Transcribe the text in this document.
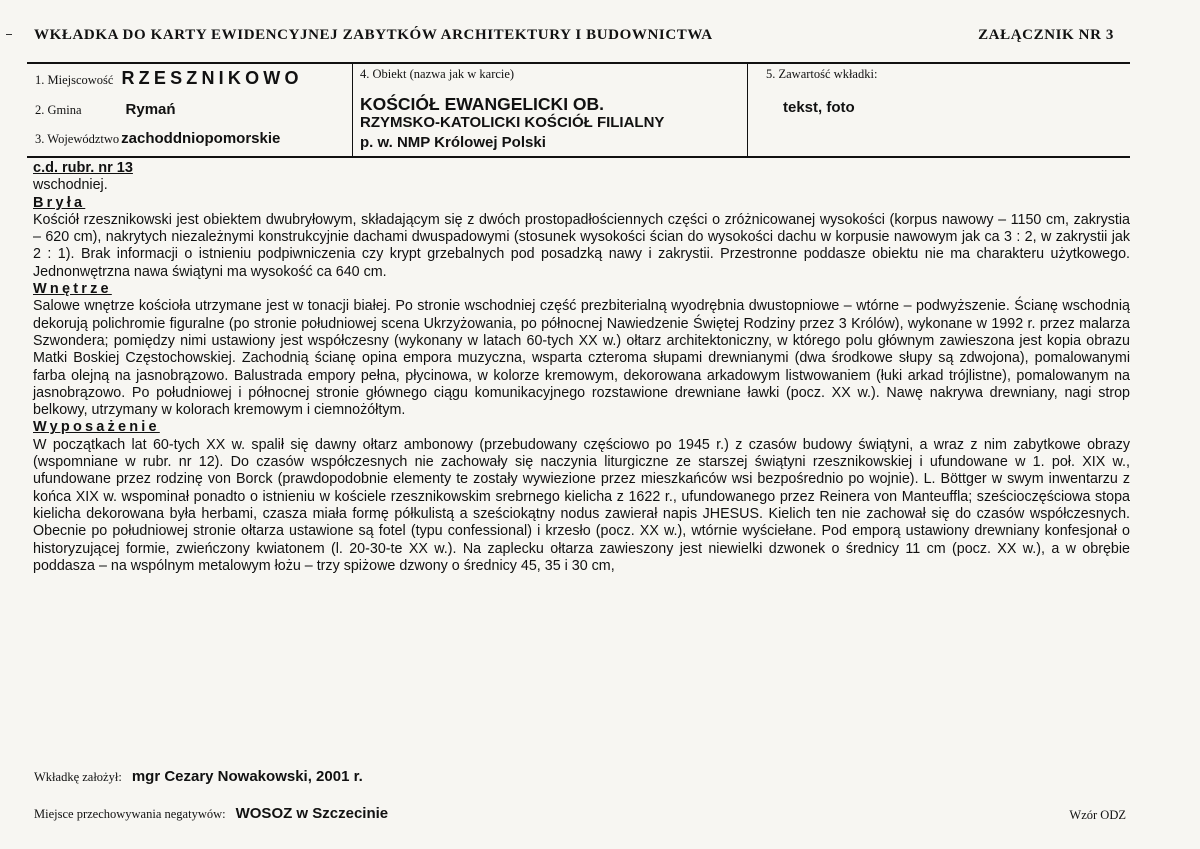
WKŁADKA DO KARTY EWIDENCYJNEJ ZABYTKÓW ARCHITEKTURY I BUDOWNICTWA	ZAŁĄCZNIK NR 3
1. Miejscowość RZESZNIKOWO
2. Gmina	Rymań
3. Województwo zachoddniopomorskie
4. Obiekt (nazwa jak w karcie)
KOŚCIÓŁ EWANGELICKI OB.
RZYMSKO-KATOLICKI KOŚCIÓŁ FILIALNY
p. w. NMP Królowej Polski
5. Zawartość wkładki:
tekst, foto

c.d. rubr. nr 13

wschodniej.

Bryła

Kościół rzesznikowski jest obiektem dwubryłowym, składającym się z dwóch prostopadłościennych części o zróżnicowanej wysokości (korpus nawowy – 1150 cm, zakrystia – 620 cm), nakrytych niezależnymi konstrukcyjnie dachami dwuspadowymi (stosunek wysokości ścian do wysokości dachu w korpusie nawowym jak ca 3 : 2, w zakrystii jak 2 : 1). Brak informacji o istnieniu podpiwniczenia czy krypt grzebalnych pod posadzką nawy i zakrystii. Przestronne poddasze obiektu nie ma charakteru użytkowego. Jednonwętrzna nawa świątyni ma wysokość ca 640 cm.

Wnętrze

Salowe wnętrze kościoła utrzymane jest w tonacji białej. Po stronie wschodniej część prezbiterialną wyodrębnia dwustopniowe – wtórne – podwyższenie. Ścianę wschodnią dekorują polichromie figuralne (po stronie południowej scena Ukrzyżowania, po północnej Nawiedzenie Świętej Rodziny przez 3 Królów), wykonane w 1992 r. przez malarza Szwondera; pomiędzy nimi ustawiony jest współczesny (wykonany w latach 60-tych XX w.) ołtarz architektoniczny, w którego polu głównym zawieszona jest kopia obrazu Matki Boskiej Częstochowskiej. Zachodnią ścianę opina empora muzyczna, wsparta czteroma słupami drewnianymi (dwa środkowe słupy są zdwojona), pomalowanymi farba olejną na jasnobrązowo. Balustrada empory pełna, płycinowa, w kolorze kremowym, dekorowana arkadowym listwowaniem (łuki arkad trójlistne), pomalowanym na jasnobrązowo. Po południowej i północnej stronie głównego ciągu komunikacyjnego rozstawione drewniane ławki (pocz. XX w.). Nawę nakrywa drewniany, nagi strop belkowy, utrzymany w kolorach kremowym i ciemnożółtym.

Wyposażenie

W początkach lat 60-tych XX w. spalił się dawny ołtarz ambonowy (przebudowany częściowo po 1945 r.) z czasów budowy świątyni, a wraz z nim zabytkowe obrazy (wspomniane w rubr. nr 12). Do czasów współczesnych nie zachowały się naczynia liturgiczne ze starszej świątyni rzesznikowskiej i ufundowane w 1. poł. XIX w., ufundowane przez rodzinę von Borck (prawdopodobnie elementy te zostały wywiezione przez mieszkańców wsi bezpośrednio po wojnie). L. Böttger w swym inwentarzu z końca XIX w. wspominał ponadto o istnieniu w kościele rzesznikowskim srebrnego kielicha z 1622 r., ufundowanego przez Reinera von Manteuffla; sześcioczęściowa stopa kielicha dekorowana była herbami, czasza miała formę półkulistą a sześciokątny nodus zawierał napis JHESUS. Kielich ten nie zachował się do czasów współczesnych. Obecnie po południowej stronie ołtarza ustawione są fotel (typu confessional) i krzesło (pocz. XX w.), wtórnie wyściełane. Pod emporą ustawiony drewniany konfesjonał o historyzującej formie, zwieńczony kwiatonem (l. 20-30-te XX w.). Na zaplecku ołtarza zawieszony jest niewielki dzwonek o średnicy 11 cm (pocz. XX w.), a w obrębie poddasza – na wspólnym metalowym łożu – trzy spiżowe dzwony o średnicy 45, 35 i 30 cm,

Wkładkę założył: mgr Cezary Nowakowski, 2001 r.
Miejsce przechowywania negatywów: WOSOZ w Szczecinie	Wzór ODZ
